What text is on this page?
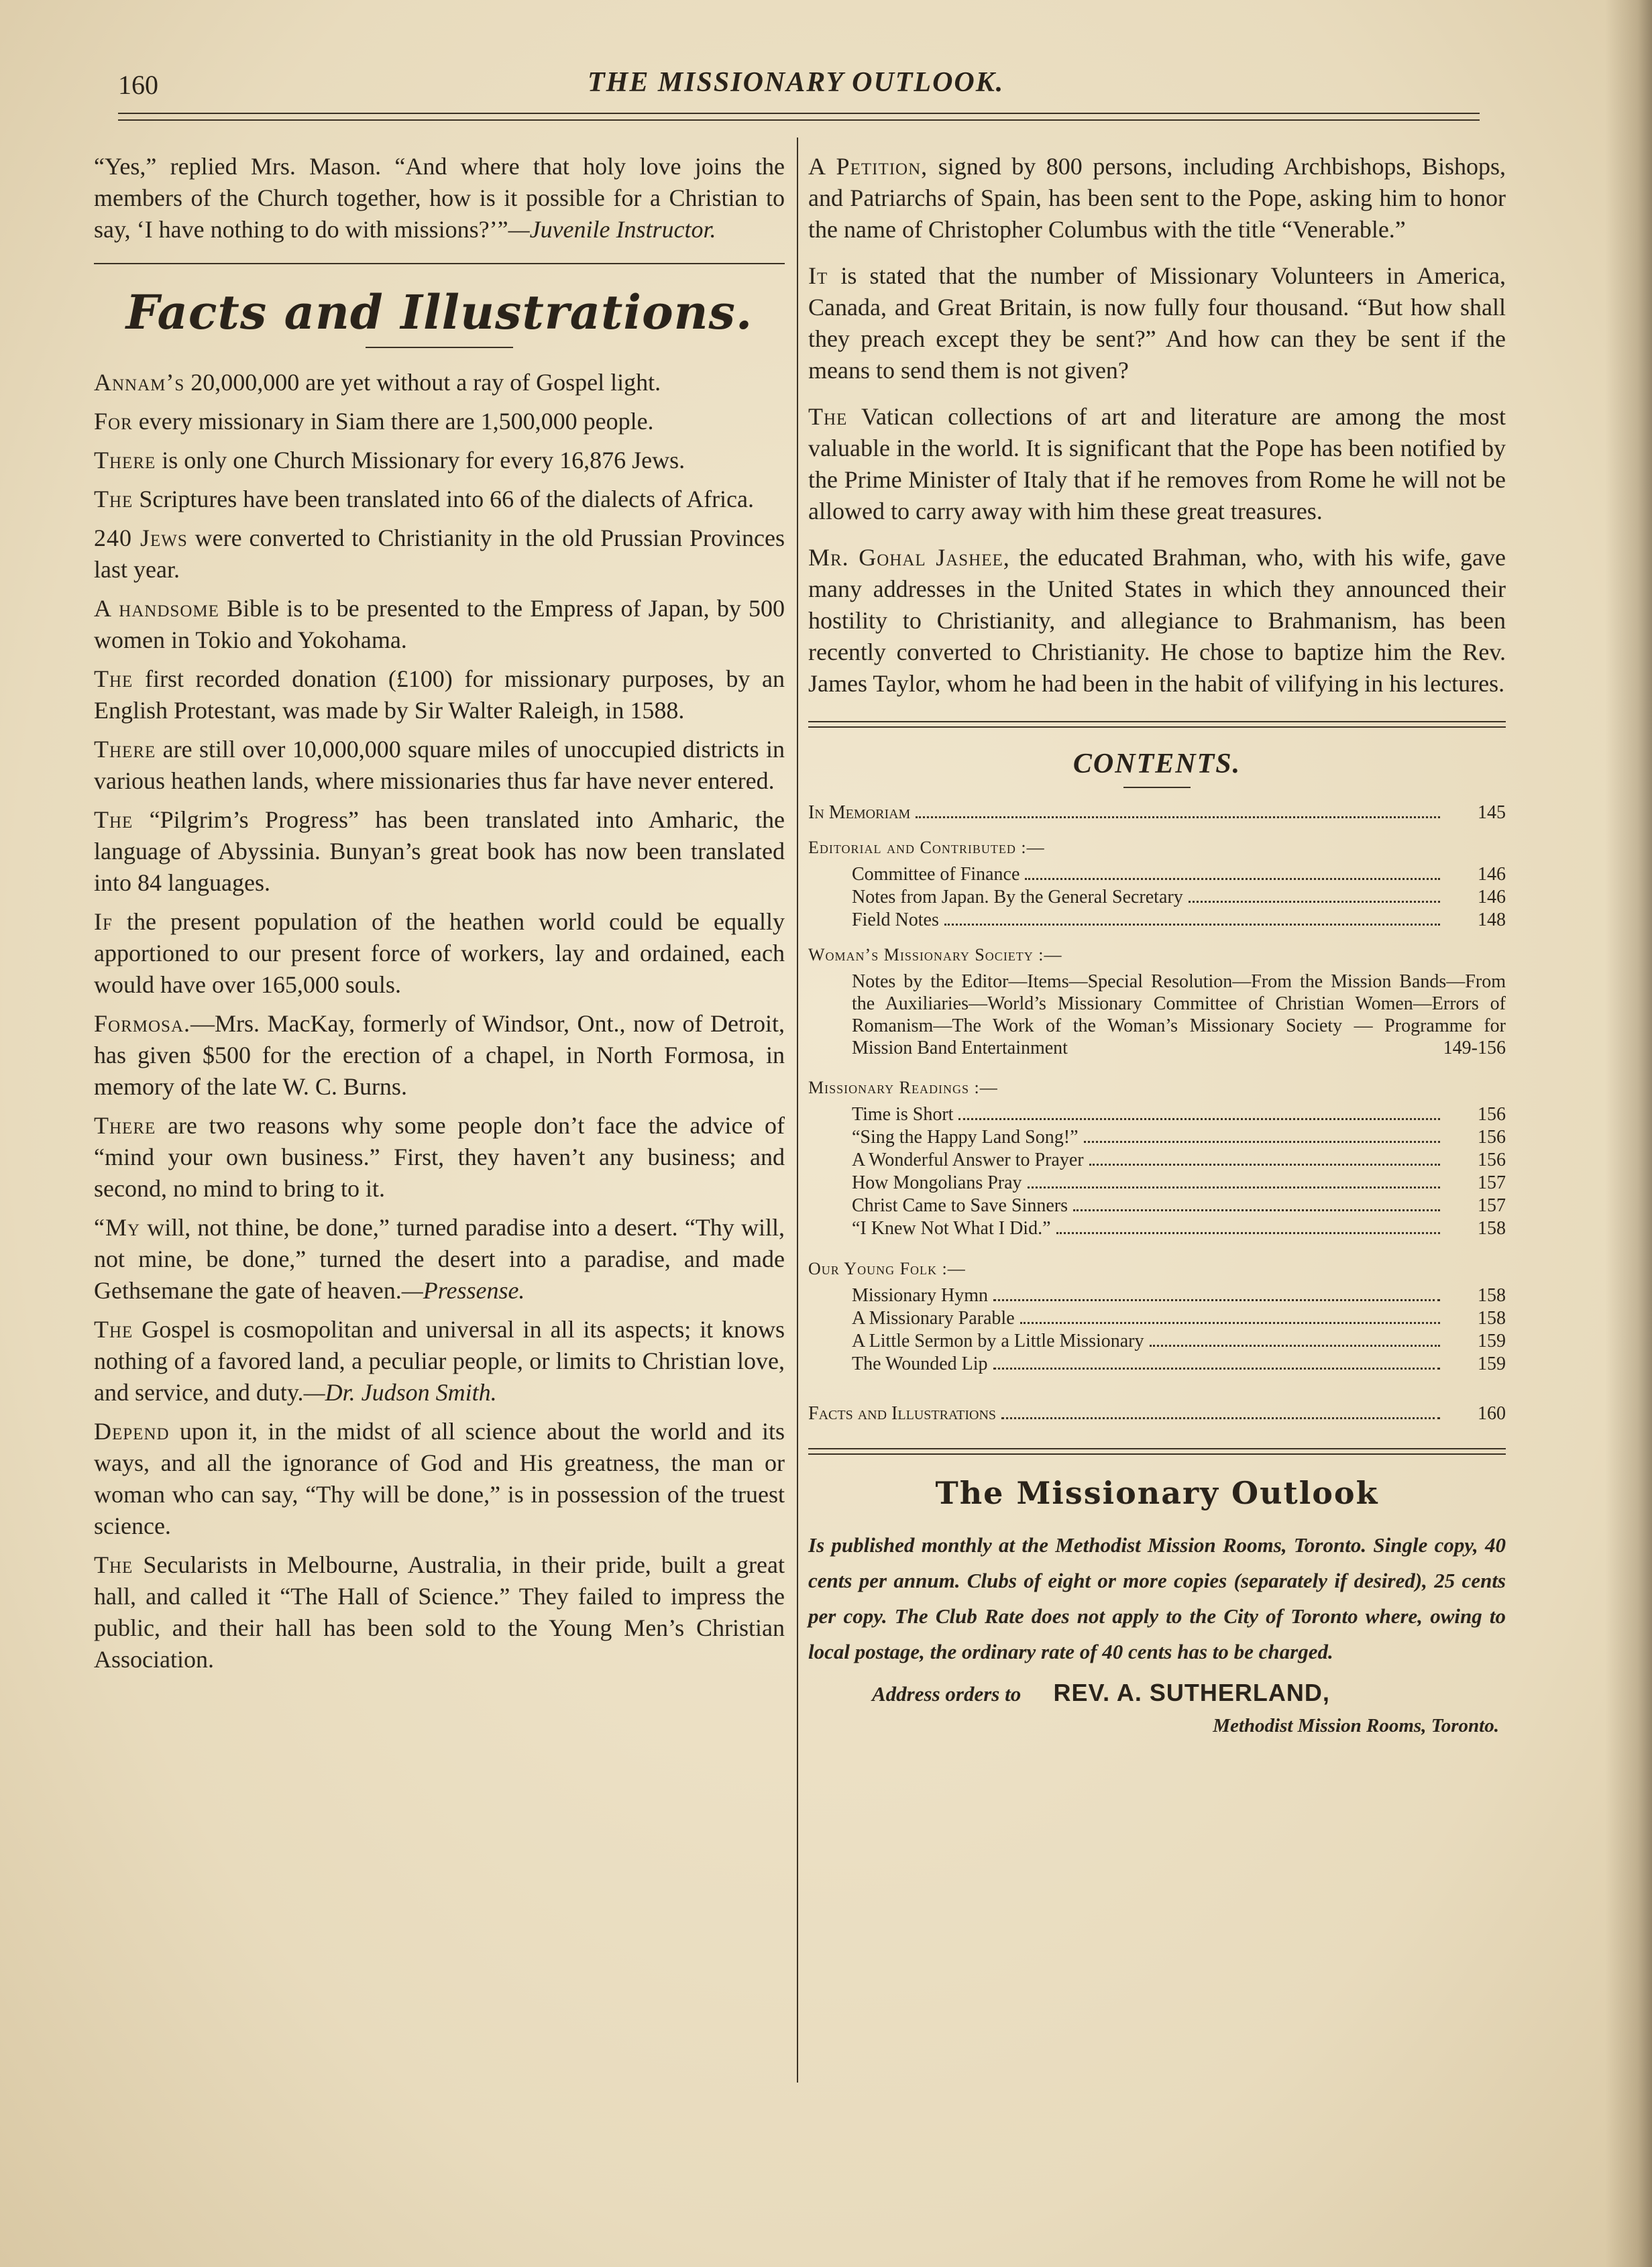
160	THE MISSIONARY OUTLOOK.

“Yes,” replied Mrs. Mason. “And where that holy love joins the members of the Church together, how is it possible for a Christian to say, ‘I have nothing to do with missions?’”—Juvenile Instructor.

Facts and Illustrations.

Annam’s 20,000,000 are yet without a ray of Gospel light.

For every missionary in Siam there are 1,500,000 people.

There is only one Church Missionary for every 16,876 Jews.

The Scriptures have been translated into 66 of the dialects of Africa.

240 Jews were converted to Christianity in the old Prussian Provinces last year.

A handsome Bible is to be presented to the Empress of Japan, by 500 women in Tokio and Yokohama.

The first recorded donation (£100) for missionary purposes, by an English Protestant, was made by Sir Walter Raleigh, in 1588.

There are still over 10,000,000 square miles of unoccupied districts in various heathen lands, where missionaries thus far have never entered.

The “Pilgrim’s Progress” has been translated into Amharic, the language of Abyssinia. Bunyan’s great book has now been translated into 84 languages.

If the present population of the heathen world could be equally apportioned to our present force of workers, lay and ordained, each would have over 165,000 souls.

Formosa.—Mrs. MacKay, formerly of Windsor, Ont., now of Detroit, has given $500 for the erection of a chapel, in North Formosa, in memory of the late W. C. Burns.

There are two reasons why some people don’t face the advice of “mind your own business.” First, they haven’t any business; and second, no mind to bring to it.

“My will, not thine, be done,” turned paradise into a desert. “Thy will, not mine, be done,” turned the desert into a paradise, and made Gethsemane the gate of heaven.—Pressense.

The Gospel is cosmopolitan and universal in all its aspects; it knows nothing of a favored land, a peculiar people, or limits to Christian love, and service, and duty.—Dr. Judson Smith.

Depend upon it, in the midst of all science about the world and its ways, and all the ignorance of God and His greatness, the man or woman who can say, “Thy will be done,” is in possession of the truest science.

The Secularists in Melbourne, Australia, in their pride, built a great hall, and called it “The Hall of Science.” They failed to impress the public, and their hall has been sold to the Young Men’s Christian Association.

A Petition, signed by 800 persons, including Archbishops, Bishops, and Patriarchs of Spain, has been sent to the Pope, asking him to honor the name of Christopher Columbus with the title “Venerable.”

It is stated that the number of Missionary Volunteers in America, Canada, and Great Britain, is now fully four thousand. “But how shall they preach except they be sent?” And how can they be sent if the means to send them is not given?

The Vatican collections of art and literature are among the most valuable in the world. It is significant that the Pope has been notified by the Prime Minister of Italy that if he removes from Rome he will not be allowed to carry away with him these great treasures.

Mr. Gohal Jashee, the educated Brahman, who, with his wife, gave many addresses in the United States in which they announced their hostility to Christianity, and allegiance to Brahmanism, has been recently converted to Christianity. He chose to baptize him the Rev. James Taylor, whom he had been in the habit of vilifying in his lectures.

CONTENTS.
In Memoriam	145
Editorial and Contributed :—
Committee of Finance	146
Notes from Japan. By the General Secretary	146
Field Notes	148
Woman’s Missionary Society :—
Notes by the Editor—Items—Special Resolution—From the Mission Bands—From the Auxiliaries—World’s Missionary Committee of Christian Women—Errors of Romanism—The Work of the Woman’s Missionary Society — Programme for Mission Band Entertainment	149-156
Missionary Readings :—
Time is Short	156
“Sing the Happy Land Song!”	156
A Wonderful Answer to Prayer	156
How Mongolians Pray	157
Christ Came to Save Sinners	157
“I Knew Not What I Did.”	158
Our Young Folk :—
Missionary Hymn	158
A Missionary Parable	158
A Little Sermon by a Little Missionary	159
The Wounded Lip	159
Facts and Illustrations	160
The Missionary Outlook

Is published monthly at the Methodist Mission Rooms, Toronto. Single copy, 40 cents per annum. Clubs of eight or more copies (separately if desired), 25 cents per copy. The Club Rate does not apply to the City of Toronto where, owing to local postage, the ordinary rate of 40 cents has to be charged.

Address orders to REV. A. SUTHERLAND,
Methodist Mission Rooms, Toronto.
